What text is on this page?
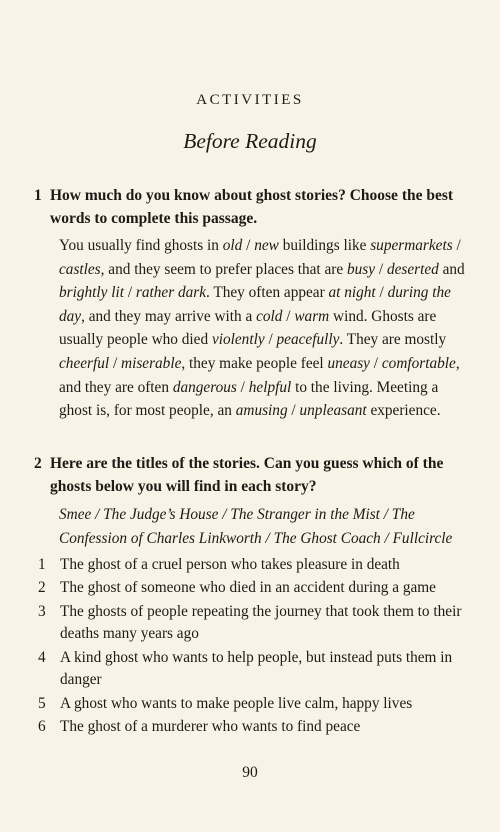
ACTIVITIES
Before Reading
1 How much do you know about ghost stories? Choose the best words to complete this passage.
You usually find ghosts in old / new buildings like supermarkets / castles, and they seem to prefer places that are busy / deserted and brightly lit / rather dark. They often appear at night / during the day, and they may arrive with a cold / warm wind. Ghosts are usually people who died violently / peacefully. They are mostly cheerful / miserable, they make people feel uneasy / comfortable, and they are often dangerous / helpful to the living. Meeting a ghost is, for most people, an amusing / unpleasant experience.
2 Here are the titles of the stories. Can you guess which of the ghosts below you will find in each story?
Smee / The Judge’s House / The Stranger in the Mist / The Confession of Charles Linkworth / The Ghost Coach / Fullcircle
1 The ghost of a cruel person who takes pleasure in death
2 The ghost of someone who died in an accident during a game
3 The ghosts of people repeating the journey that took them to their deaths many years ago
4 A kind ghost who wants to help people, but instead puts them in danger
5 A ghost who wants to make people live calm, happy lives
6 The ghost of a murderer who wants to find peace
90
